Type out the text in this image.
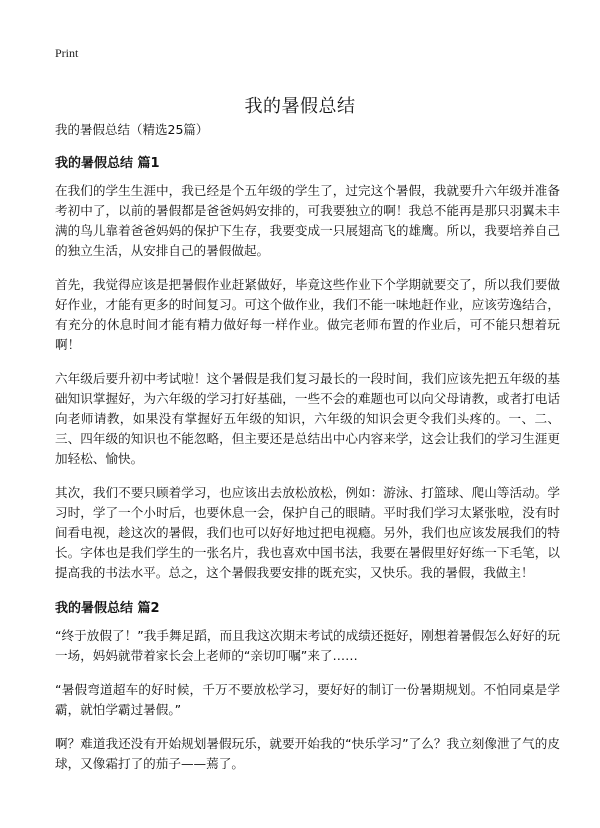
Print
我的暑假总结
我的暑假总结（精选25篇）
我的暑假总结 篇1

在我们的学生生涯中，我已经是个五年级的学生了，过完这个暑假，我就要升六年级并准备考初中了，以前的暑假都是爸爸妈妈安排的，可我要独立的啊！我总不能再是那只羽翼未丰满的鸟儿靠着爸爸妈妈的保护下生存，我要变成一只展翅高飞的雄鹰。所以，我要培养自己的独立生活，从安排自己的暑假做起。

首先，我觉得应该是把暑假作业赶紧做好，毕竟这些作业下个学期就要交了，所以我们要做好作业，才能有更多的时间复习。可这个做作业，我们不能一味地赶作业，应该劳逸结合，有充分的休息时间才能有精力做好每一样作业。做完老师布置的作业后，可不能只想着玩啊！

六年级后要升初中考试啦！这个暑假是我们复习最长的一段时间，我们应该先把五年级的基础知识掌握好，为六年级的学习打好基础，一些不会的难题也可以向父母请教，或者打电话向老师请教，如果没有掌握好五年级的知识，六年级的知识会更令我们头疼的。一、二、三、四年级的知识也不能忽略，但主要还是总结出中心内容来学，这会让我们的学习生涯更加轻松、愉快。

其次，我们不要只顾着学习，也应该出去放松放松，例如：游泳、打篮球、爬山等活动。学习时，学了一个小时后，也要休息一会，保护自己的眼睛。平时我们学习太紧张啦，没有时间看电视，趁这次的暑假，我们也可以好好地过把电视瘾。另外，我们也应该发展我们的特长。字体也是我们学生的一张名片，我也喜欢中国书法，我要在暑假里好好练一下毛笔，以提高我的书法水平。总之，这个暑假我要安排的既充实，又快乐。我的暑假，我做主！

我的暑假总结 篇2

“终于放假了！”我手舞足蹈，而且我这次期末考试的成绩还挺好，刚想着暑假怎么好好的玩一场，妈妈就带着家长会上老师的“亲切叮嘱”来了……

“暑假弯道超车的好时候，千万不要放松学习，要好好的制订一份暑期规划。不怕同桌是学霸，就怕学霸过暑假。”

啊？难道我还没有开始规划暑假玩乐，就要开始我的“快乐学习”了么？我立刻像泄了气的皮球，又像霜打了的茄子——蔫了。
